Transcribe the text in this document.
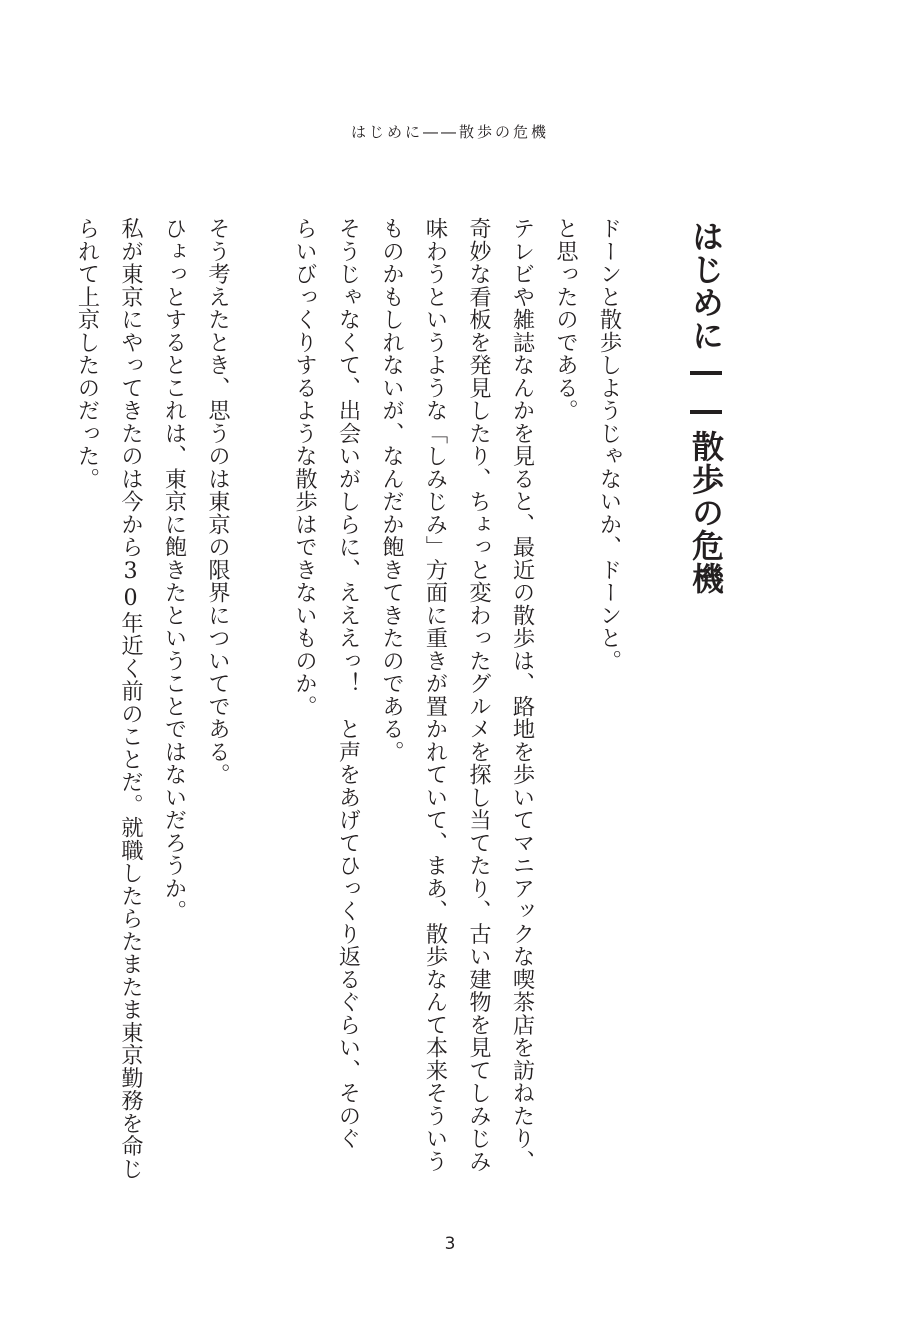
はじめに――散歩の危機
はじめに――散歩の危機
ドーンと散歩しようじゃないか、ドーンと。
と思ったのである。
テレビや雑誌なんかを見ると、最近の散歩は、路地を歩いてマニアックな喫茶店を訪ねたり、
奇妙な看板を発見したり、ちょっと変わったグルメを探し当てたり、古い建物を見てしみじみ
味わうというような「しみじみ」方面に重きが置かれていて、まあ、散歩なんて本来そういう
ものかもしれないが、なんだか飽きてきたのである。
そうじゃなくて、出会いがしらに、えええっ！　と声をあげてひっくり返るぐらい、そのぐ
らいびっくりするような散歩はできないものか。

そう考えたとき、思うのは東京の限界についてである。
ひょっとするとこれは、東京に飽きたということではないだろうか。
私が東京にやってきたのは今から30年近く前のことだ。就職したらたまたま東京勤務を命じ
られて上京したのだった。
3
